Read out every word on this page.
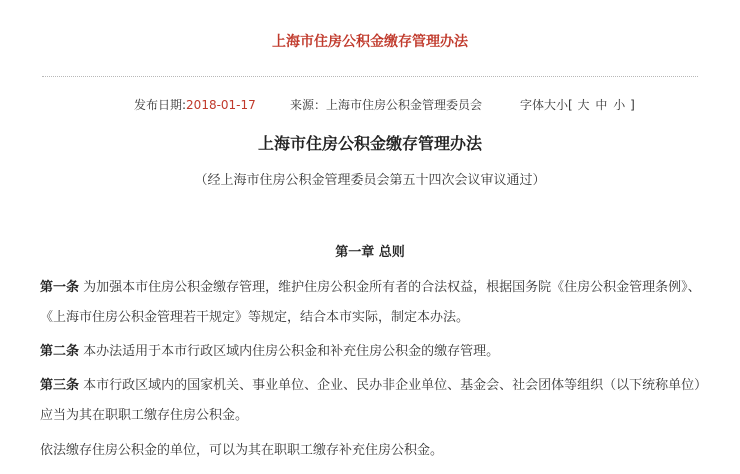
上海市住房公积金缴存管理办法
发布日期:2018-01-17	来源：上海市住房公积金管理委员会	字体大小[ 大 中 小 ]
上海市住房公积金缴存管理办法
（经上海市住房公积金管理委员会第五十四次会议审议通过）
第一章 总则

第一条 为加强本市住房公积金缴存管理，维护住房公积金所有者的合法权益，根据国务院《住房公积金管理条例》、《上海市住房公积金管理若干规定》等规定，结合本市实际，制定本办法。

第二条 本办法适用于本市行政区域内住房公积金和补充住房公积金的缴存管理。

第三条 本市行政区域内的国家机关、事业单位、企业、民办非企业单位、基金会、社会团体等组织（以下统称单位）应当为其在职职工缴存住房公积金。

依法缴存住房公积金的单位，可以为其在职职工缴存补充住房公积金。
